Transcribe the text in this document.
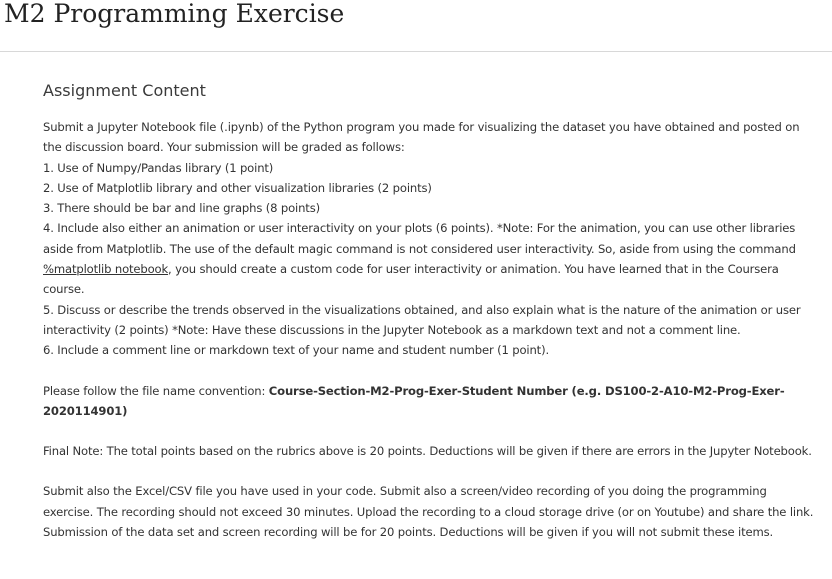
M2 Programming Exercise
Assignment Content

Submit a Jupyter Notebook file (.ipynb) of the Python program you made for visualizing the dataset you have obtained and posted on the discussion board. Your submission will be graded as follows:
1. Use of Numpy/Pandas library (1 point)
2. Use of Matplotlib library and other visualization libraries (2 points)
3. There should be bar and line graphs (8 points)
4. Include also either an animation or user interactivity on your plots (6 points). *Note: For the animation, you can use other libraries aside from Matplotlib. The use of the default magic command is not considered user interactivity. So, aside from using the command %matplotlib notebook, you should create a custom code for user interactivity or animation. You have learned that in the Coursera course.
5. Discuss or describe the trends observed in the visualizations obtained, and also explain what is the nature of the animation or user interactivity (2 points) *Note: Have these discussions in the Jupyter Notebook as a markdown text and not a comment line.
6. Include a comment line or markdown text of your name and student number (1 point).

Please follow the file name convention: Course-Section-M2-Prog-Exer-Student Number (e.g. DS100-2-A10-M2-Prog-Exer-2020114901)

Final Note: The total points based on the rubrics above is 20 points. Deductions will be given if there are errors in the Jupyter Notebook.

Submit also the Excel/CSV file you have used in your code. Submit also a screen/video recording of you doing the programming exercise. The recording should not exceed 30 minutes. Upload the recording to a cloud storage drive (or on Youtube) and share the link. Submission of the data set and screen recording will be for 20 points. Deductions will be given if you will not submit these items.
